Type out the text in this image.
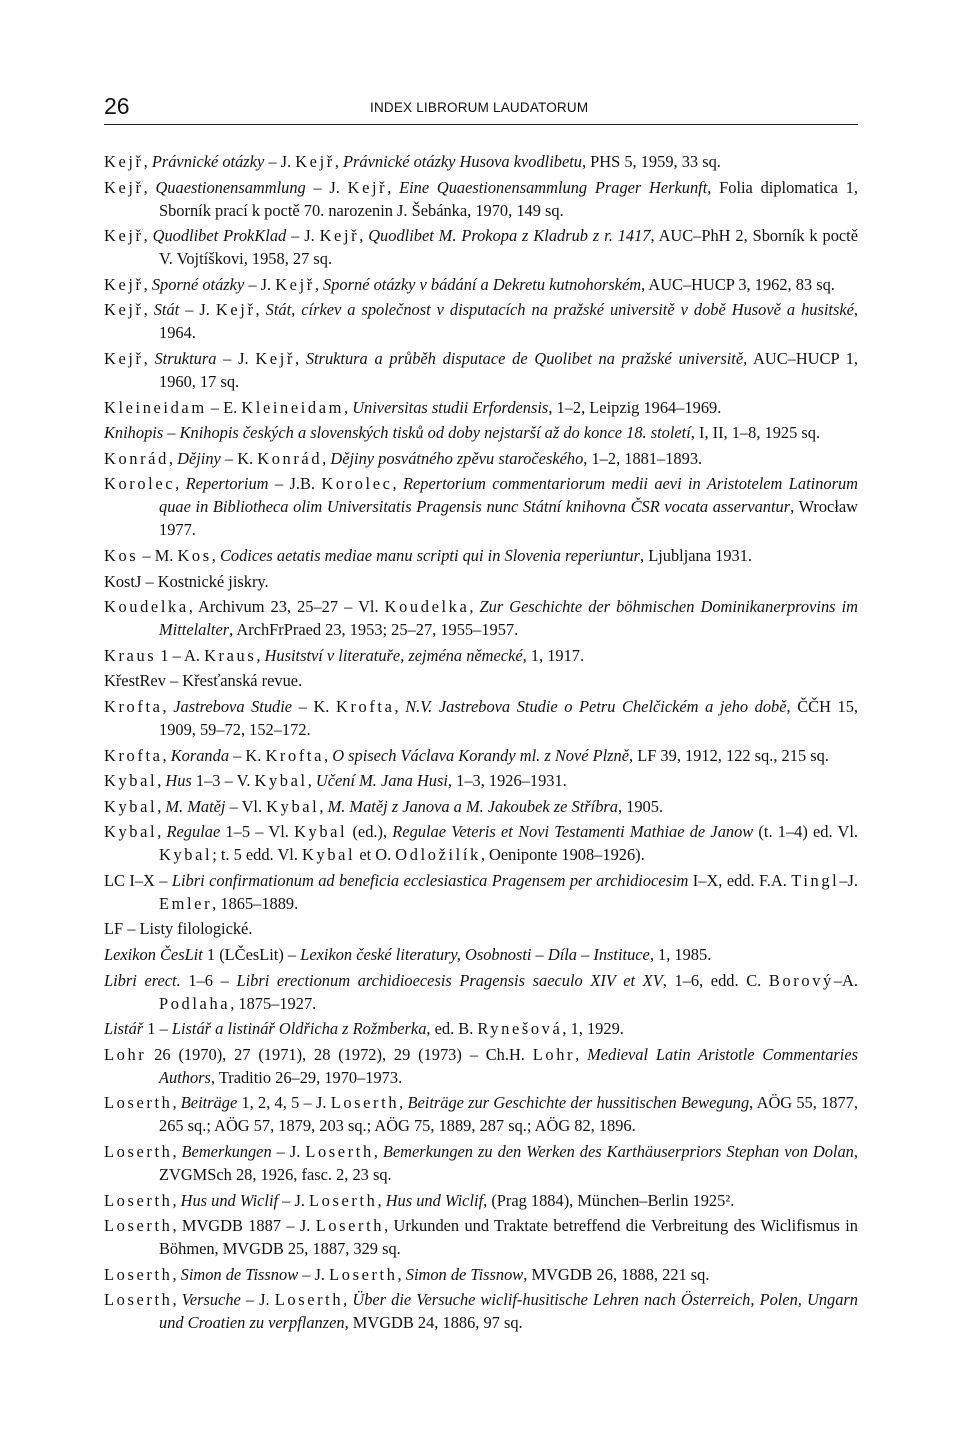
26	INDEX LIBRORUM LAUDATORUM
Kejř, Právnické otázky – J. Kejř, Právnické otázky Husova kvodlibetu, PHS 5, 1959, 33 sq.
Kejř, Quaestionensammlung – J. Kejř, Eine Quaestionensammlung Prager Herkunft, Folia diplomatica 1, Sborník prací k poctě 70. narozenin J. Šebánka, 1970, 149 sq.
Kejř, Quodlibet ProkKlad – J. Kejř, Quodlibet M. Prokopa z Kladrub z r. 1417, AUC–PhH 2, Sborník k poctě V. Vojtíškovi, 1958, 27 sq.
Kejř, Sporné otázky – J. Kejř, Sporné otázky v bádání a Dekretu kutnohorském, AUC–HUCP 3, 1962, 83 sq.
Kejř, Stát – J. Kejř, Stát, církev a společnost v disputacích na pražské universitě v době Husově a husitské, 1964.
Kejř, Struktura – J. Kejř, Struktura a průběh disputace de Quolibet na pražské universitě, AUC–HUCP 1, 1960, 17 sq.
Kleineidam – E. Kleineidam, Universitas studii Erfordensis, 1–2, Leipzig 1964–1969.
Knihopis – Knihopis českých a slovenských tisků od doby nejstarší až do konce 18. století, I, II, 1–8, 1925 sq.
Konrád, Dějiny – K. Konrád, Dějiny posvátného zpěvu staročeského, 1–2, 1881–1893.
Korolec, Repertorium – J.B. Korolec, Repertorium commentariorum medii aevi in Aristotelem Latinorum quae in Bibliotheca olim Universitatis Pragensis nunc Státní knihovna ČSR vocata asservantur, Wrocław 1977.
Kos – M. Kos, Codices aetatis mediae manu scripti qui in Slovenia reperiuntur, Ljubljana 1931.
KostJ – Kostnické jiskry.
Koudelka, Archivum 23, 25–27 – Vl. Koudelka, Zur Geschichte der böhmischen Dominikanerprovins im Mittelalter, ArchFrPraed 23, 1953; 25–27, 1955–1957.
Kraus 1 – A. Kraus, Husitství v literatuře, zejména německé, 1, 1917.
KřestRev – Křesťanská revue.
Krofta, Jastrebova Studie – K. Krofta, N.V. Jastrebova Studie o Petru Chelčickém a jeho době, ČČH 15, 1909, 59–72, 152–172.
Krofta, Koranda – K. Krofta, O spisech Václava Korandy ml. z Nové Plzně, LF 39, 1912, 122 sq., 215 sq.
Kybal, Hus 1–3 – V. Kybal, Učení M. Jana Husi, 1–3, 1926–1931.
Kybal, M. Matěj – Vl. Kybal, M. Matěj z Janova a M. Jakoubek ze Stříbra, 1905.
Kybal, Regulae 1–5 – Vl. Kybal (ed.), Regulae Veteris et Novi Testamenti Mathiae de Janow (t. 1–4) ed. Vl. Kybal; t. 5 edd. Vl. Kybal et O. Odložilík, Oeniponte 1908–1926).
LC I–X – Libri confirmationum ad beneficia ecclesiastica Pragensem per archidiocesim I–X, edd. F.A. Tingl–J. Emler, 1865–1889.
LF – Listy filologické.
Lexikon ČesLit 1 (LČesLit) – Lexikon české literatury, Osobnosti – Díla – Instituce, 1, 1985.
Libri erect. 1–6 – Libri erectionum archidioecesis Pragensis saeculo XIV et XV, 1–6, edd. C. Borový–A. Podlaha, 1875–1927.
Listář 1 – Listář a listinář Oldřicha z Rožmberka, ed. B. Rynešová, 1, 1929.
Lohr 26 (1970), 27 (1971), 28 (1972), 29 (1973) – Ch.H. Lohr, Medieval Latin Aristotle Commentaries Authors, Traditio 26–29, 1970–1973.
Loserth, Beiträge 1, 2, 4, 5 – J. Loserth, Beiträge zur Geschichte der hussitischen Bewegung, AÖG 55, 1877, 265 sq.; AÖG 57, 1879, 203 sq.; AÖG 75, 1889, 287 sq.; AÖG 82, 1896.
Loserth, Bemerkungen – J. Loserth, Bemerkungen zu den Werken des Karthäuserpriors Stephan von Dolan, ZVGMSch 28, 1926, fasc. 2, 23 sq.
Loserth, Hus und Wiclif – J. Loserth, Hus und Wiclif, (Prag 1884), München–Berlin 1925².
Loserth, MVGDB 1887 – J. Loserth, Urkunden und Traktate betreffend die Verbreitung des Wiclifismus in Böhmen, MVGDB 25, 1887, 329 sq.
Loserth, Simon de Tissnow – J. Loserth, Simon de Tissnow, MVGDB 26, 1888, 221 sq.
Loserth, Versuche – J. Loserth, Über die Versuche wiclif-husitische Lehren nach Österreich, Polen, Ungarn und Croatien zu verpflanzen, MVGDB 24, 1886, 97 sq.
